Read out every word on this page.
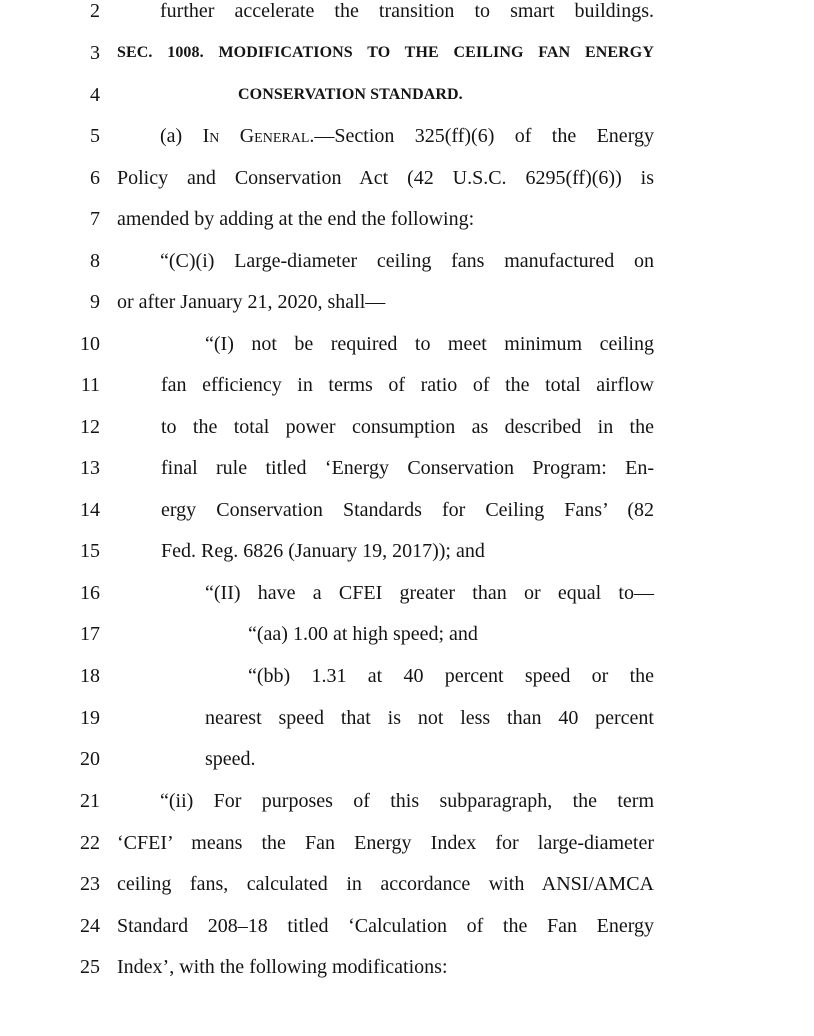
2	further accelerate the transition to smart buildings.
3 SEC. 1008. MODIFICATIONS TO THE CEILING FAN ENERGY
4	CONSERVATION STANDARD.
5	(a) In General.—Section 325(ff)(6) of the Energy
6 Policy and Conservation Act (42 U.S.C. 6295(ff)(6)) is
7 amended by adding at the end the following:
8	“(C)(i) Large-diameter ceiling fans manufactured on
9 or after January 21, 2020, shall—
10	“(I) not be required to meet minimum ceiling
11	fan efficiency in terms of ratio of the total airflow
12	to the total power consumption as described in the
13	final rule titled ‘Energy Conservation Program: En-
14	ergy Conservation Standards for Ceiling Fans’ (82
15	Fed. Reg. 6826 (January 19, 2017)); and
16	“(II) have a CFEI greater than or equal to—
17	“(aa) 1.00 at high speed; and
18	“(bb) 1.31 at 40 percent speed or the
19	nearest speed that is not less than 40 percent
20	speed.
21	“(ii) For purposes of this subparagraph, the term
22 ‘CFEI’ means the Fan Energy Index for large-diameter
23 ceiling fans, calculated in accordance with ANSI/AMCA
24 Standard 208–18 titled ‘Calculation of the Fan Energy
25 Index’, with the following modifications:
